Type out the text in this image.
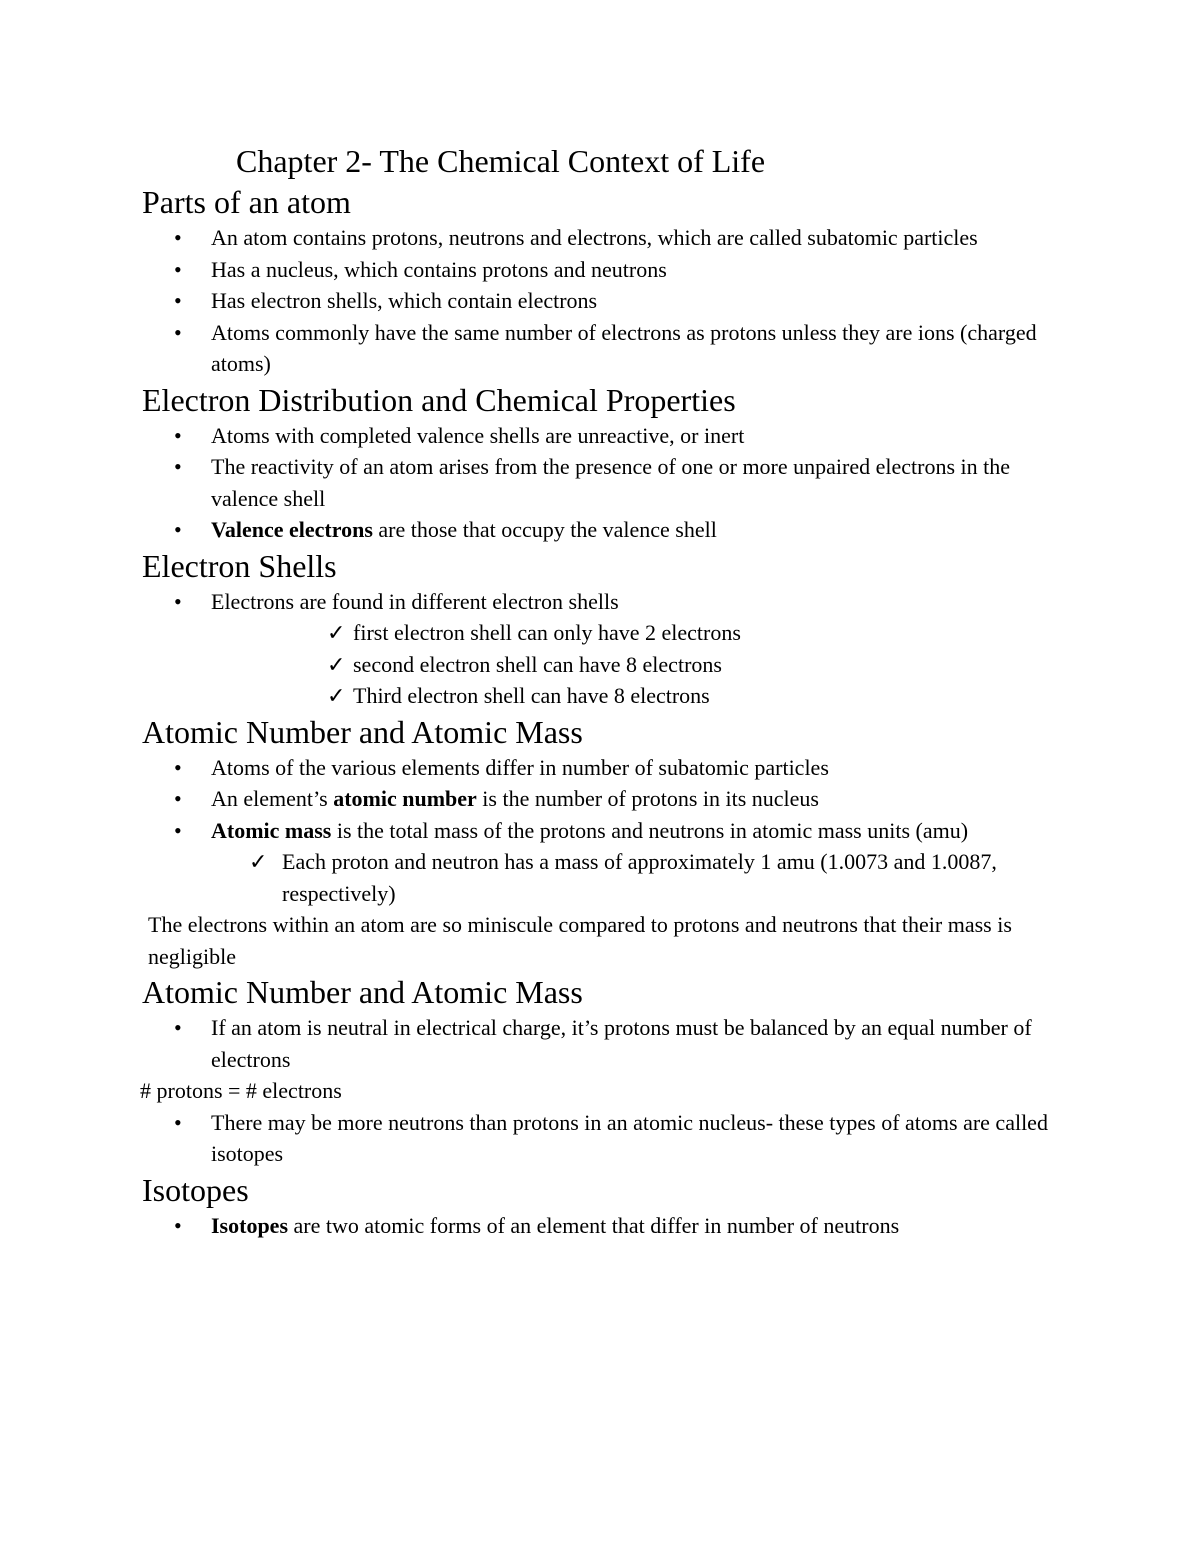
Chapter 2- The Chemical Context of Life
Parts of an atom
• An atom contains protons, neutrons and electrons, which are called subatomic particles
• Has a nucleus, which contains protons and neutrons
• Has electron shells, which contain electrons
• Atoms commonly have the same number of electrons as protons unless they are ions (charged atoms)
Electron Distribution and Chemical Properties
• Atoms with completed valence shells are unreactive, or inert
• The reactivity of an atom arises from the presence of one or more unpaired electrons in the valence shell
• Valence electrons are those that occupy the valence shell
Electron Shells
• Electrons are found in different electron shells
✓ first electron shell can only have 2 electrons
✓ second electron shell can have 8 electrons
✓ Third electron shell can have 8 electrons
Atomic Number and Atomic Mass
• Atoms of the various elements differ in number of subatomic particles
• An element’s atomic number is the number of protons in its nucleus
• Atomic mass is the total mass of the protons and neutrons in atomic mass units (amu)
✓ Each proton and neutron has a mass of approximately 1 amu (1.0073 and 1.0087, respectively)

The electrons within an atom are so miniscule compared to protons and neutrons that their mass is negligible

Atomic Number and Atomic Mass
• If an atom is neutral in electrical charge, it’s protons must be balanced by an equal number of electrons

# protons = # electrons

• There may be more neutrons than protons in an atomic nucleus- these types of atoms are called isotopes
Isotopes
• Isotopes are two atomic forms of an element that differ in number of neutrons
